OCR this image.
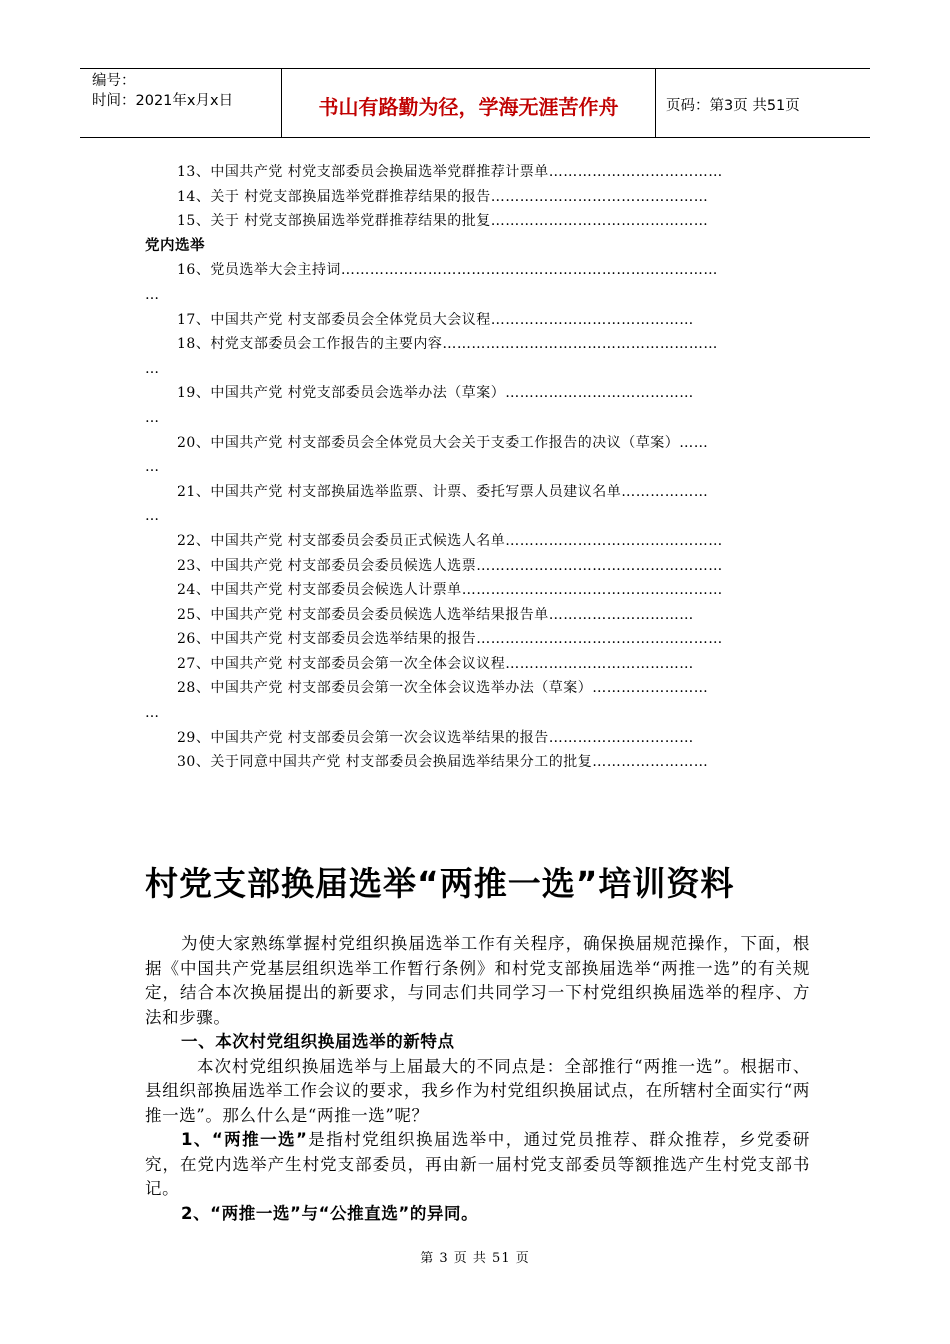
编号：
时间：2021年x月x日	书山有路勤为径，学海无涯苦作舟	页码：第3页 共51页
13、中国共产党 村党支部委员会换届选举党群推荐计票单………………………………
14、关于 村党支部换届选举党群推荐结果的报告………………………………………
15、关于 村党支部换届选举党群推荐结果的批复………………………………………
党内选举
16、党员选举大会主持词……………………………………………………………………
…
17、中国共产党 村支部委员会全体党员大会议程……………………………………
18、村党支部委员会工作报告的主要内容…………………………………………………
…
19、中国共产党 村党支部委员会选举办法（草案）…………………………………
…
20、中国共产党 村支部委员会全体党员大会关于支委工作报告的决议（草案）……
…
21、中国共产党 村支部换届选举监票、计票、委托写票人员建议名单………………
…
22、中国共产党 村支部委员会委员正式候选人名单………………………………………
23、中国共产党 村支部委员会委员候选人选票……………………………………………
24、中国共产党 村支部委员会候选人计票单………………………………………………
25、中国共产党 村支部委员会委员候选人选举结果报告单…………………………
26、中国共产党 村支部委员会选举结果的报告……………………………………………
27、中国共产党 村支部委员会第一次全体会议议程…………………………………
28、中国共产党 村支部委员会第一次全体会议选举办法（草案）……………………
…
29、中国共产党 村支部委员会第一次会议选举结果的报告…………………………
30、关于同意中国共产党 村支部委员会换届选举结果分工的批复……………………
村党支部换届选举“两推一选”培训资料

为使大家熟练掌握村党组织换届选举工作有关程序，确保换届规范操作，下面，根据《中国共产党基层组织选举工作暂行条例》和村党支部换届选举“两推一选”的有关规定，结合本次换届提出的新要求，与同志们共同学习一下村党组织换届选举的程序、方法和步骤。

一、本次村党组织换届选举的新特点

本次村党组织换届选举与上届最大的不同点是：全部推行“两推一选”。根据市、县组织部换届选举工作会议的要求，我乡作为村党组织换届试点，在所辖村全面实行“两推一选”。那么什么是“两推一选”呢？

1、“两推一选”是指村党组织换届选举中，通过党员推荐、群众推荐，乡党委研究，在党内选举产生村党支部委员，再由新一届村党支部委员等额推选产生村党支部书记。

2、“两推一选”与“公推直选”的异同。

第 3 页 共 51 页
